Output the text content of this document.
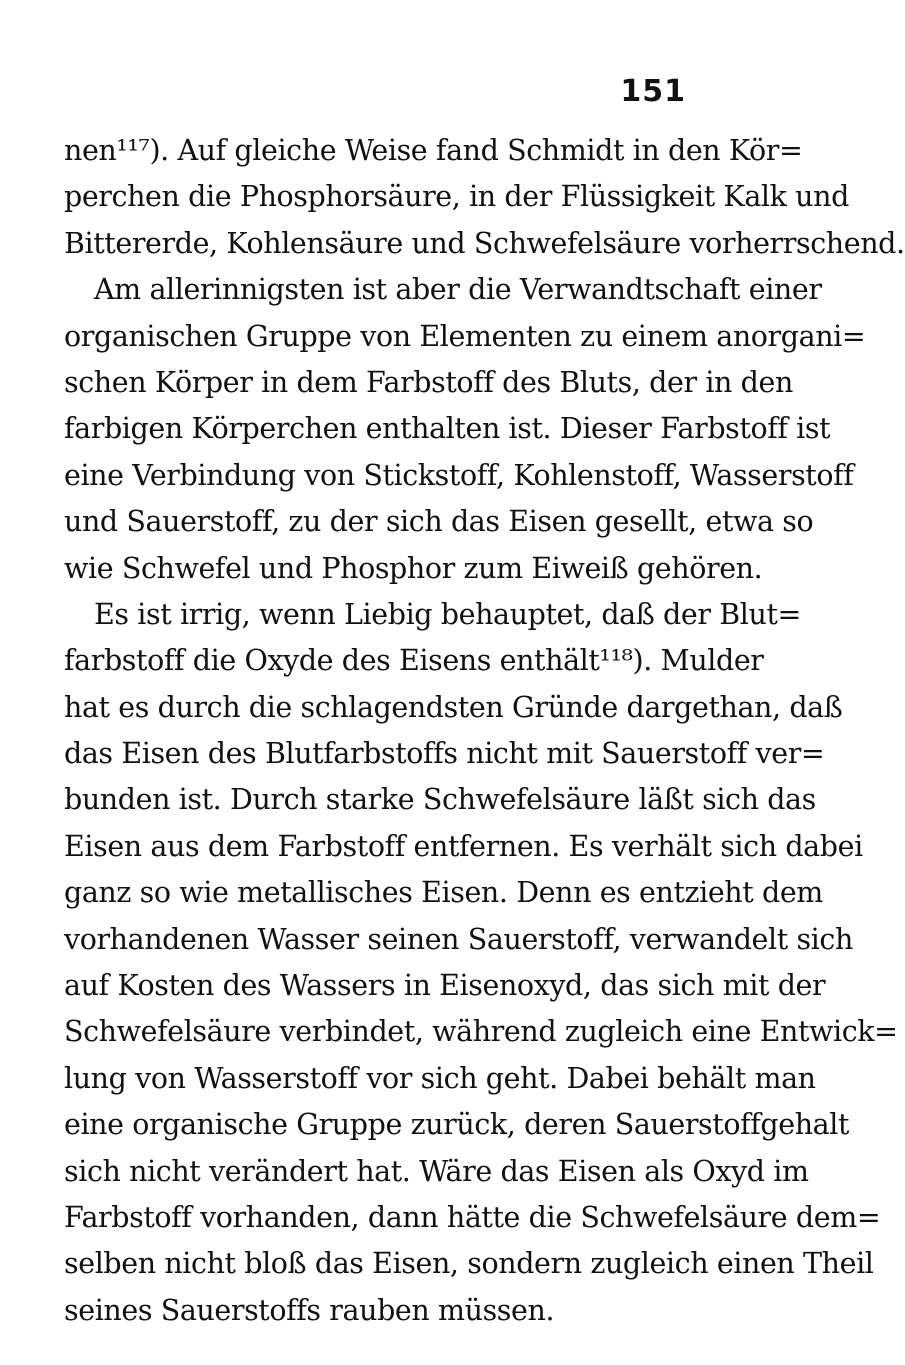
151
nen¹¹⁷). Auf gleiche Weise fand Schmidt in den Kör=
perchen die Phosphorsäure, in der Flüssigkeit Kalk und
Bittererde, Kohlensäure und Schwefelsäure vorherrschend.
Am allerinnigsten ist aber die Verwandtschaft einer
organischen Gruppe von Elementen zu einem anorgani=
schen Körper in dem Farbstoff des Bluts, der in den
farbigen Körperchen enthalten ist. Dieser Farbstoff ist
eine Verbindung von Stickstoff, Kohlenstoff, Wasserstoff
und Sauerstoff, zu der sich das Eisen gesellt, etwa so
wie Schwefel und Phosphor zum Eiweiß gehören.
Es ist irrig, wenn Liebig behauptet, daß der Blut=
farbstoff die Oxyde des Eisens enthält¹¹⁸). Mulder
hat es durch die schlagendsten Gründe dargethan, daß
das Eisen des Blutfarbstoffs nicht mit Sauerstoff ver=
bunden ist. Durch starke Schwefelsäure läßt sich das
Eisen aus dem Farbstoff entfernen. Es verhält sich dabei
ganz so wie metallisches Eisen. Denn es entzieht dem
vorhandenen Wasser seinen Sauerstoff, verwandelt sich
auf Kosten des Wassers in Eisenoxyd, das sich mit der
Schwefelsäure verbindet, während zugleich eine Entwick=
lung von Wasserstoff vor sich geht. Dabei behält man
eine organische Gruppe zurück, deren Sauerstoffgehalt
sich nicht verändert hat. Wäre das Eisen als Oxyd im
Farbstoff vorhanden, dann hätte die Schwefelsäure dem=
selben nicht bloß das Eisen, sondern zugleich einen Theil
seines Sauerstoffs rauben müssen.
